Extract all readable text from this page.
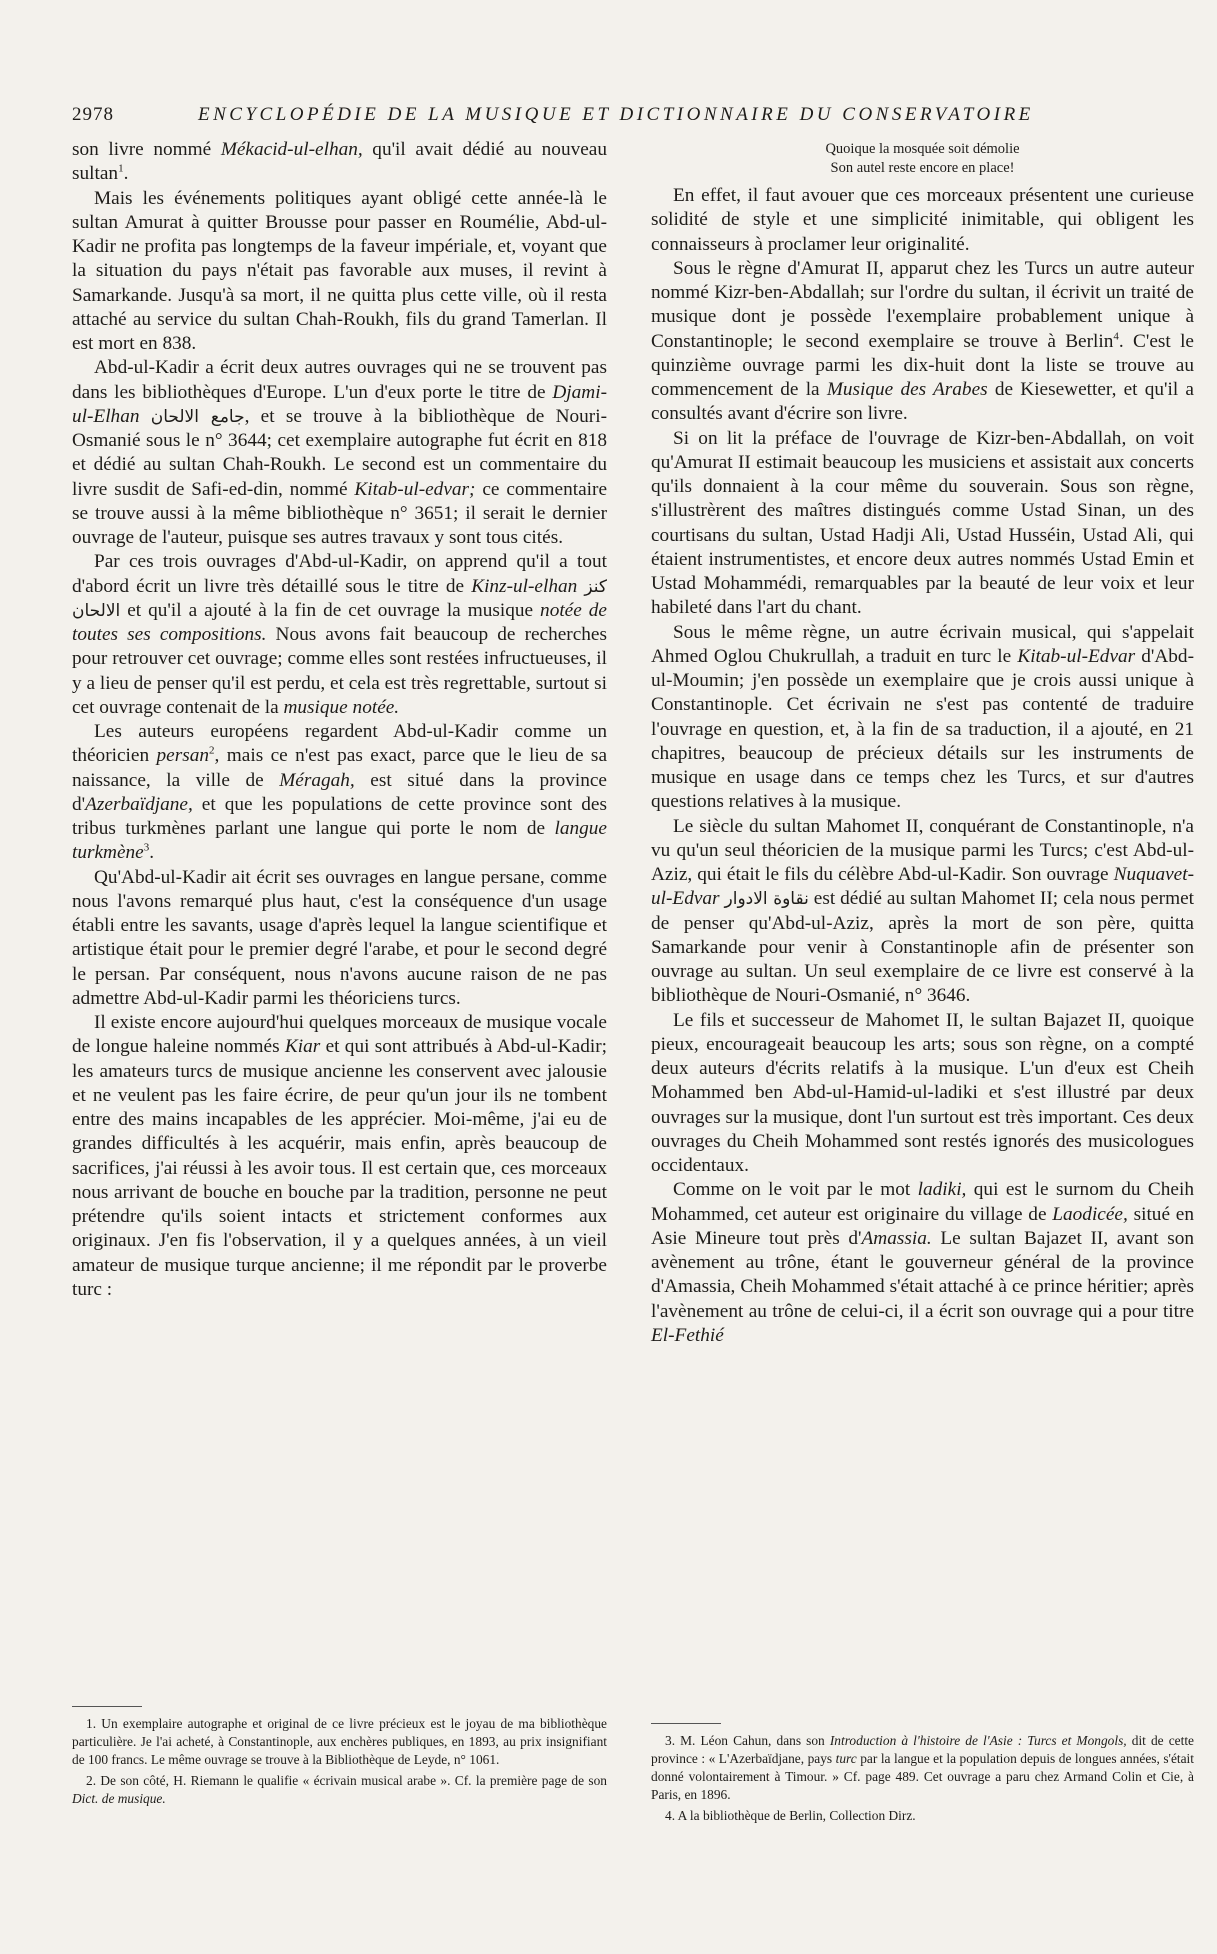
2978	ENCYCLOPÉDIE DE LA MUSIQUE ET DICTIONNAIRE DU CONSERVATOIRE

son livre nommé Mékacid-ul-elhan, qu'il avait dédié au nouveau sultan$^1$.

Mais les événements politiques ayant obligé cette année-là le sultan Amurat à quitter Brousse pour passer en Roumélie, Abd-ul-Kadir ne profita pas longtemps de la faveur impériale, et, voyant que la situation du pays n'était pas favorable aux muses, il revint à Samarkande. Jusqu'à sa mort, il ne quitta plus cette ville, où il resta attaché au service du sultan Chah-Roukh, fils du grand Tamerlan. Il est mort en 838.

Abd-ul-Kadir a écrit deux autres ouvrages qui ne se trouvent pas dans les bibliothèques d'Europe. L'un d'eux porte le titre de Djami-ul-Elhan جامع الالحان, et se trouve à la bibliothèque de Nouri-Osmanié sous le n° 3644; cet exemplaire autographe fut écrit en 818 et dédié au sultan Chah-Roukh. Le second est un commentaire du livre susdit de Safi-ed-din, nommé Kitab-ul-edvar; ce commentaire se trouve aussi à la même bibliothèque n° 3651; il serait le dernier ouvrage de l'auteur, puisque ses autres travaux y sont tous cités.

Par ces trois ouvrages d'Abd-ul-Kadir, on apprend qu'il a tout d'abord écrit un livre très détaillé sous le titre de Kinz-ul-elhan كنز الالحان et qu'il a ajouté à la fin de cet ouvrage la musique notée de toutes ses compositions. Nous avons fait beaucoup de recherches pour retrouver cet ouvrage; comme elles sont restées infructueuses, il y a lieu de penser qu'il est perdu, et cela est très regrettable, surtout si cet ouvrage contenait de la musique notée.

Les auteurs européens regardent Abd-ul-Kadir comme un théoricien persan$^2$, mais ce n'est pas exact, parce que le lieu de sa naissance, la ville de Méragah, est situé dans la province d'Azerbaïdjane, et que les populations de cette province sont des tribus turkmènes parlant une langue qui porte le nom de langue turkmène$^3$.

Qu'Abd-ul-Kadir ait écrit ses ouvrages en langue persane, comme nous l'avons remarqué plus haut, c'est la conséquence d'un usage établi entre les savants, usage d'après lequel la langue scientifique et artistique était pour le premier degré l'arabe, et pour le second degré le persan. Par conséquent, nous n'avons aucune raison de ne pas admettre Abd-ul-Kadir parmi les théoriciens turcs.

Il existe encore aujourd'hui quelques morceaux de musique vocale de longue haleine nommés Kiar et qui sont attribués à Abd-ul-Kadir; les amateurs turcs de musique ancienne les conservent avec jalousie et ne veulent pas les faire écrire, de peur qu'un jour ils ne tombent entre des mains incapables de les apprécier. Moi-même, j'ai eu de grandes difficultés à les acquérir, mais enfin, après beaucoup de sacrifices, j'ai réussi à les avoir tous. Il est certain que, ces morceaux nous arrivant de bouche en bouche par la tradition, personne ne peut prétendre qu'ils soient intacts et strictement conformes aux originaux. J'en fis l'observation, il y a quelques années, à un vieil amateur de musique turque ancienne; il me répondit par le proverbe turc :

Quoique la mosquée soit démolie
Son autel reste encore en place!

En effet, il faut avouer que ces morceaux présentent une curieuse solidité de style et une simplicité inimitable, qui obligent les connaisseurs à proclamer leur originalité.

Sous le règne d'Amurat II, apparut chez les Turcs un autre auteur nommé Kizr-ben-Abdallah; sur l'ordre du sultan, il écrivit un traité de musique dont je possède l'exemplaire probablement unique à Constantinople; le second exemplaire se trouve à Berlin$^4$. C'est le quinzième ouvrage parmi les dix-huit dont la liste se trouve au commencement de la Musique des Arabes de Kiesewetter, et qu'il a consultés avant d'écrire son livre.

Si on lit la préface de l'ouvrage de Kizr-ben-Abdallah, on voit qu'Amurat II estimait beaucoup les musiciens et assistait aux concerts qu'ils donnaient à la cour même du souverain. Sous son règne, s'illustrèrent des maîtres distingués comme Ustad Sinan, un des courtisans du sultan, Ustad Hadji Ali, Ustad Husséin, Ustad Ali, qui étaient instrumentistes, et encore deux autres nommés Ustad Emin et Ustad Mohammédi, remarquables par la beauté de leur voix et leur habileté dans l'art du chant.

Sous le même règne, un autre écrivain musical, qui s'appelait Ahmed Oglou Chukrullah, a traduit en turc le Kitab-ul-Edvar d'Abd-ul-Moumin; j'en possède un exemplaire que je crois aussi unique à Constantinople. Cet écrivain ne s'est pas contenté de traduire l'ouvrage en question, et, à la fin de sa traduction, il a ajouté, en 21 chapitres, beaucoup de précieux détails sur les instruments de musique en usage dans ce temps chez les Turcs, et sur d'autres questions relatives à la musique.

Le siècle du sultan Mahomet II, conquérant de Constantinople, n'a vu qu'un seul théoricien de la musique parmi les Turcs; c'est Abd-ul-Aziz, qui était le fils du célèbre Abd-ul-Kadir. Son ouvrage Nuquavet-ul-Edvar نقاوة الادوار est dédié au sultan Mahomet II; cela nous permet de penser qu'Abd-ul-Aziz, après la mort de son père, quitta Samarkande pour venir à Constantinople afin de présenter son ouvrage au sultan. Un seul exemplaire de ce livre est conservé à la bibliothèque de Nouri-Osmanié, n° 3646.

Le fils et successeur de Mahomet II, le sultan Bajazet II, quoique pieux, encourageait beaucoup les arts; sous son règne, on a compté deux auteurs d'écrits relatifs à la musique. L'un d'eux est Cheih Mohammed ben Abd-ul-Hamid-ul-ladiki et s'est illustré par deux ouvrages sur la musique, dont l'un surtout est très important. Ces deux ouvrages du Cheih Mohammed sont restés ignorés des musicologues occidentaux.

Comme on le voit par le mot ladiki, qui est le surnom du Cheih Mohammed, cet auteur est originaire du village de Laodicée, situé en Asie Mineure tout près d'Amassia. Le sultan Bajazet II, avant son avènement au trône, étant le gouverneur général de la province d'Amassia, Cheih Mohammed s'était attaché à ce prince héritier; après l'avènement au trône de celui-ci, il a écrit son ouvrage qui a pour titre El-Fethié

1. Un exemplaire autographe et original de ce livre précieux est le joyau de ma bibliothèque particulière. Je l'ai acheté, à Constantinople, aux enchères publiques, en 1893, au prix insignifiant de 100 francs. Le même ouvrage se trouve à la Bibliothèque de Leyde, n° 1061.

2. De son côté, H. Riemann le qualifie « écrivain musical arabe ». Cf. la première page de son Dict. de musique.

3. M. Léon Cahun, dans son Introduction à l'histoire de l'Asie : Turcs et Mongols, dit de cette province : « L'Azerbaïdjane, pays turc par la langue et la population depuis de longues années, s'était donné volontairement à Timour. » Cf. page 489. Cet ouvrage a paru chez Armand Colin et Cie, à Paris, en 1896.

4. A la bibliothèque de Berlin, Collection Dirz.
